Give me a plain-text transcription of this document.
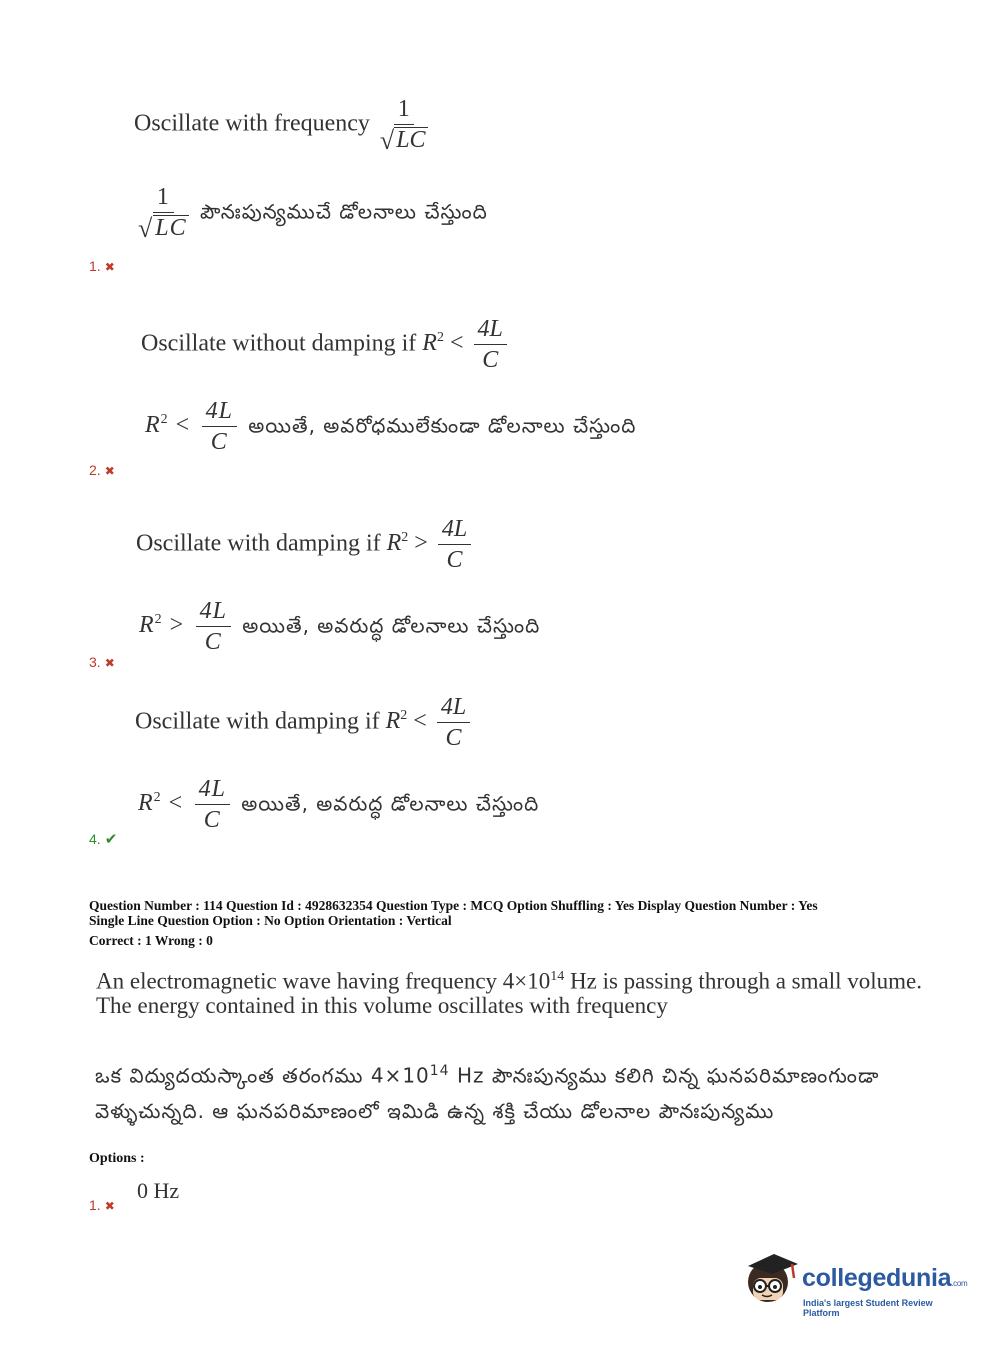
Oscillate with frequency $\frac{1}{√ LC}$
$\frac{1}{√ LC}$ పౌనఃపున్యముచే డోలనాలు చేస్తుంది
1. ✖
Oscillate without damping if $R^2 < \frac{4L}{C}$
$R^2 < \frac{4L}{C}$ అయితే, అవరోధములేకుండా డోలనాలు చేస్తుంది
2. ✖
Oscillate with damping if $R^2 > \frac{4L}{C}$
$R^2 > \frac{4L}{C}$ అయితే, అవరుద్ధ డోలనాలు చేస్తుంది
3. ✖
Oscillate with damping if $R^2 < \frac{4L}{C}$
$R^2 < \frac{4L}{C}$ అయితే, అవరుద్ధ డోలనాలు చేస్తుంది
4. ✔
Question Number : 114 Question Id : 4928632354 Question Type : MCQ Option Shuffling : Yes Display Question Number : Yes
Single Line Question Option : No Option Orientation : Vertical
Correct : 1 Wrong : 0
An electromagnetic wave having frequency $4\times 10^{14}$ Hz is passing through a small volume.
The energy contained in this volume oscillates with frequency
ఒక విద్యుదయస్కాంత తరంగము $4\times 10^{14}$ Hz పౌనఃపున్యము కలిగి చిన్న ఘనపరిమాణంగుండా
వెళ్ళుచున్నది. ఆ ఘనపరిమాణంలో ఇమిడి ఉన్న శక్తి చేయు డోలనాల పౌనఃపున్యము
Options :
0 Hz
1. ✖
collegedunia.com
India's largest Student Review Platform
